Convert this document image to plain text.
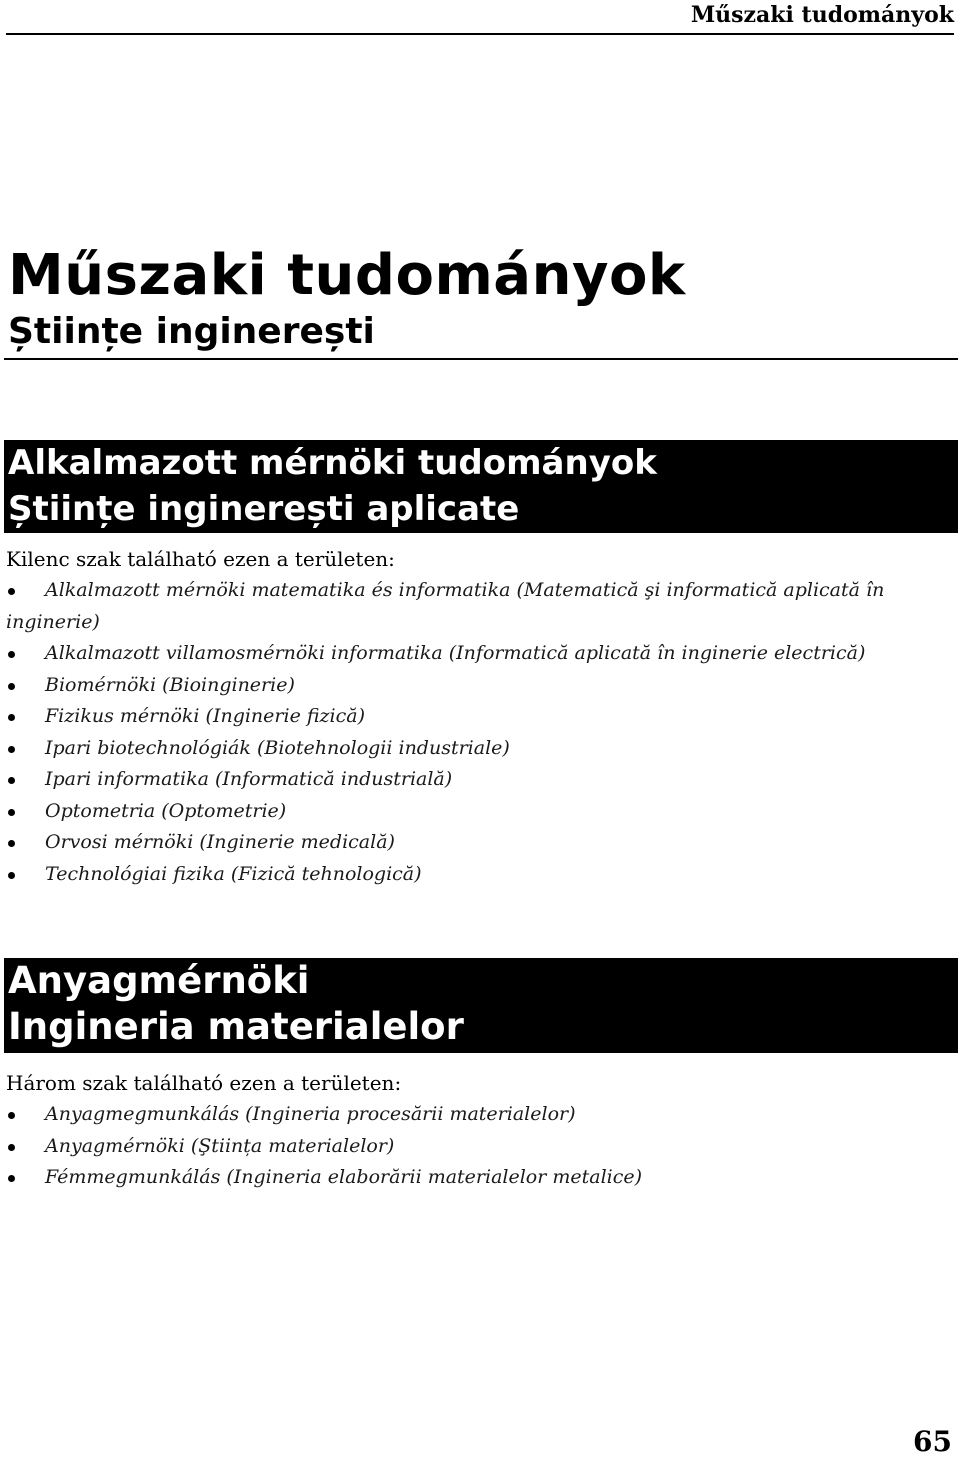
Műszaki tudományok
Műszaki tudományok
Științe inginerești
Alkalmazott mérnöki tudományok
Științe inginerești aplicate
Kilenc szak található ezen a területen:
Alkalmazott mérnöki matematika és informatika (Matematică şi informatică aplicată în inginerie)
Alkalmazott villamosmérnöki informatika (Informatică aplicată în inginerie electrică)
Biomérnöki (Bioinginerie)
Fizikus mérnöki (Inginerie fizică)
Ipari biotechnológiák (Biotehnologii industriale)
Ipari informatika (Informatică industrială)
Optometria (Optometrie)
Orvosi mérnöki (Inginerie medicală)
Technológiai fizika (Fizică tehnologică)
Anyagmérnöki
Ingineria materialelor
Három szak található ezen a területen:
Anyagmegmunkálás (Ingineria procesării materialelor)
Anyagmérnöki (Ştiința materialelor)
Fémmegmunkálás (Ingineria elaborării materialelor metalice)
65
